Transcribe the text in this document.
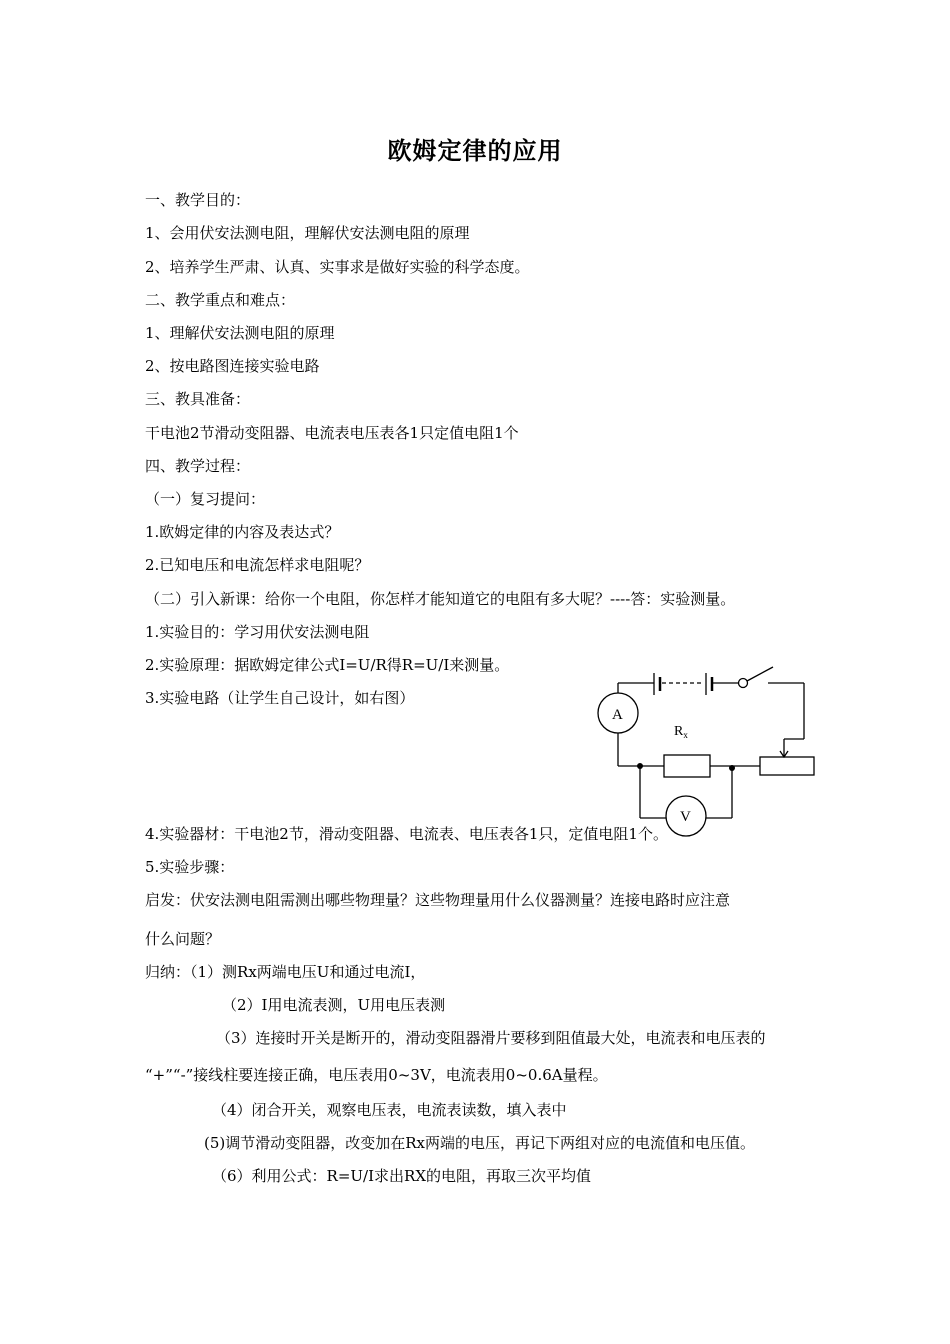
欧姆定律的应用
一、教学目的：
1、会用伏安法测电阻，理解伏安法测电阻的原理
2、培养学生严肃、认真、实事求是做好实验的科学态度。
二、教学重点和难点：
1、理解伏安法测电阻的原理
2、按电路图连接实验电路
三、教具准备：
干电池2节滑动变阻器、电流表电压表各1只定值电阻1个
四、教学过程：
（一）复习提问：
1.欧姆定律的内容及表达式？
2.已知电压和电流怎样求电阻呢？
（二）引入新课：给你一个电阻，你怎样才能知道它的电阻有多大呢？----答：实验测量。
1.实验目的：学习用伏安法测电阻
2.实验原理：据欧姆定律公式I=U/R得R=U/I来测量。
3.实验电路（让学生自己设计，如右图）
4.实验器材：干电池2节，滑动变阻器、电流表、电压表各1只，定值电阻1个。
5.实验步骤：
启发：伏安法测电阻需测出哪些物理量？这些物理量用什么仪器测量？连接电路时应注意
什么问题？
归纳：（1）测Rx两端电压U和通过电流I，
（2）I用电流表测，U用电压表测
（3）连接时开关是断开的，滑动变阻器滑片要移到阻值最大处，电流表和电压表的
“+”“-”接线柱要连接正确，电压表用0~3V，电流表用0~0.6A量程。
（4）闭合开关，观察电压表，电流表读数，填入表中
(5)调节滑动变阻器，改变加在Rx两端的电压，再记下两组对应的电流值和电压值。
（6）利用公式：R=U/I求出RX的电阻，再取三次平均值
A
V
$R_x$
